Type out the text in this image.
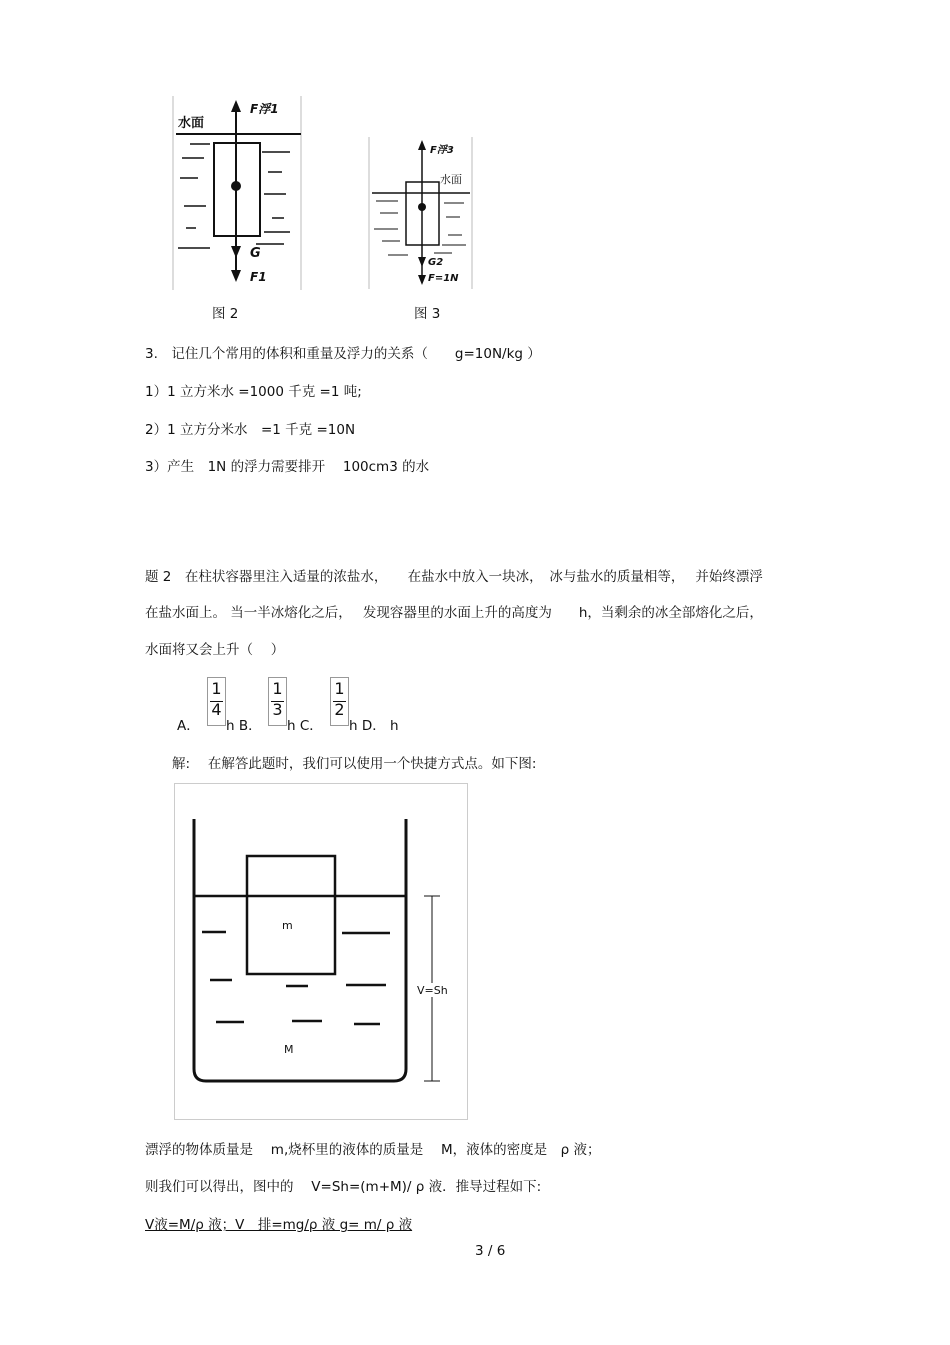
水面
F浮1
G
F1
图 2
水面
F浮3
G2
F=1N
图 3
3.　记住几个常用的体积和重量及浮力的关系（　　g=10N/kg ）
1）1 立方米水 =1000 千克 =1 吨;
2）1 立方分米水　=1 千克 =10N
3）产生　1N 的浮力需要排开　 100cm3 的水
题 2　在柱状容器里注入适量的浓盐水，　　在盐水中放入一块冰，　冰与盐水的质量相等，　 并始终漂浮
在盐水面上。 当一半冰熔化之后，　 发现容器里的水面上升的高度为　　h，当剩余的冰全部熔化之后，
水面将又会上升（　 ）
A．
1
4
h B．
1
3
h C．
1
2
h D． h
解:　 在解答此题时，我们可以使用一个快捷方式点。如下图:
m
M
V=Sh
漂浮的物体质量是　 m,烧杯里的液体的质量是　 M，液体的密度是　ρ 液；
则我们可以得出，图中的　 V=Sh=(m+M)/ ρ 液．推导过程如下:
V液=M/ρ 液；V　排=mg/ρ 液 g= m/ ρ 液
3 / 6
